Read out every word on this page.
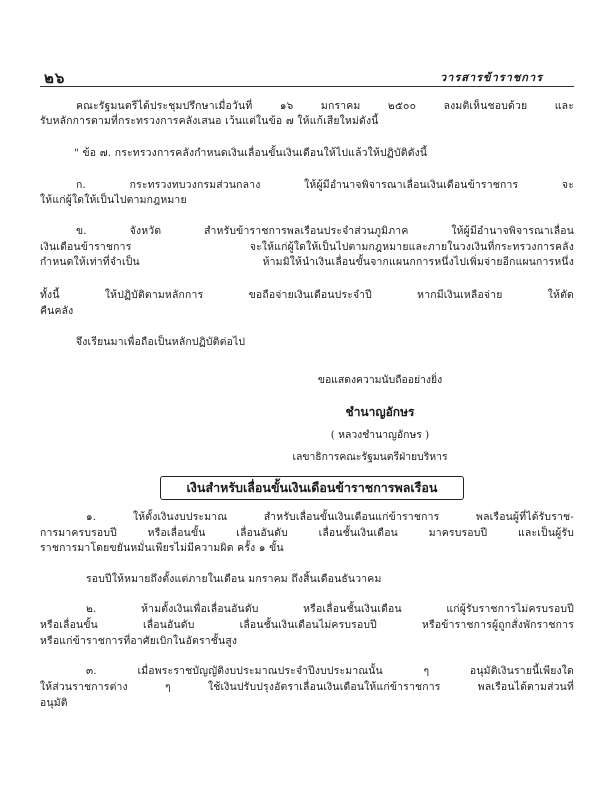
๒๖	วารสารข้าราชการ
คณะรัฐมนตรีได้ประชุมปรึกษาเมื่อวันที่ ๑๖ มกราคม ๒๕๐๐ ลงมติเห็นชอบด้วย และ
รับหลักการตามที่กระทรวงการคลังเสนอ เว้นแต่ในข้อ ๗ ให้แก้เสียใหม่ดังนี้
" ข้อ ๗. กระทรวงการคลังกำหนดเงินเลื่อนขั้นเงินเดือนให้ไปแล้วให้ปฏิบัติดังนี้
ก. กระทรวงทบวงกรมส่วนกลาง ให้ผู้มีอำนาจพิจารณาเลื่อนเงินเดือนข้าราชการ จะ
ให้แก่ผู้ใดให้เป็นไปตามกฎหมาย
ข. จังหวัด สำหรับข้าราชการพลเรือนประจำส่วนภูมิภาค ให้ผู้มีอำนาจพิจารณาเลื่อน
เงินเดือนข้าราชการ จะให้แก่ผู้ใดให้เป็นไปตามกฎหมายและภายในวงเงินที่กระทรวงการคลัง
กำหนดให้เท่าที่จำเป็น ห้ามมิให้นำเงินเลื่อนขั้นจากแผนกการหนึ่งไปเพิ่มจ่ายอีกแผนการหนึ่ง
ทั้งนี้ ให้ปฏิบัติตามหลักการ ขอถือจ่ายเงินเดือนประจำปี หากมีเงินเหลือจ่าย ให้ตัด
คืนคลัง
จึงเรียนมาเพื่อถือเป็นหลักปฏิบัติต่อไป
ขอแสดงความนับถืออย่างยิ่ง
ชำนาญอักษร
( หลวงชำนาญอักษร )
เลขาธิการคณะรัฐมนตรีฝ่ายบริหาร
เงินสำหรับเลื่อนขั้นเงินเดือนข้าราชการพลเรือน
๑. ให้ตั้งเงินงบประมาณ สำหรับเลื่อนขั้นเงินเดือนแก่ข้าราชการ พลเรือนผู้ที่ได้รับราช-
การมาครบรอบปี หรือเลื่อนขั้น เลื่อนอันดับ เลื่อนชั้นเงินเดือน มาครบรอบปี และเป็นผู้รับ
ราชการมาโดยขยันหมั่นเพียรไม่มีความผิด ครั้ง ๑ ขั้น
รอบปีให้หมายถึงตั้งแต่ภายในเดือน มกราคม ถึงสิ้นเดือนธันวาคม
๒. ห้ามตั้งเงินเพื่อเลื่อนอันดับ หรือเลื่อนชั้นเงินเดือน แก่ผู้รับราชการไม่ครบรอบปี
หรือเลื่อนขั้น เลื่อนอันดับ เลื่อนชั้นเงินเดือนไม่ครบรอบปี หรือข้าราชการผู้ถูกสั่งพักราชการ
หรือแก่ข้าราชการที่อาศัยเบิกในอัตราชั้นสูง
๓. เมื่อพระราชบัญญัติงบประมาณประจำปีงบประมาณนั้น ๆ อนุมัติเงินรายนี้เพียงใด
ให้ส่วนราชการต่าง ๆ ใช้เงินปรับปรุงอัตราเลื่อนเงินเดือนให้แก่ข้าราชการ พลเรือนได้ตามส่วนที่
อนุมัติ
